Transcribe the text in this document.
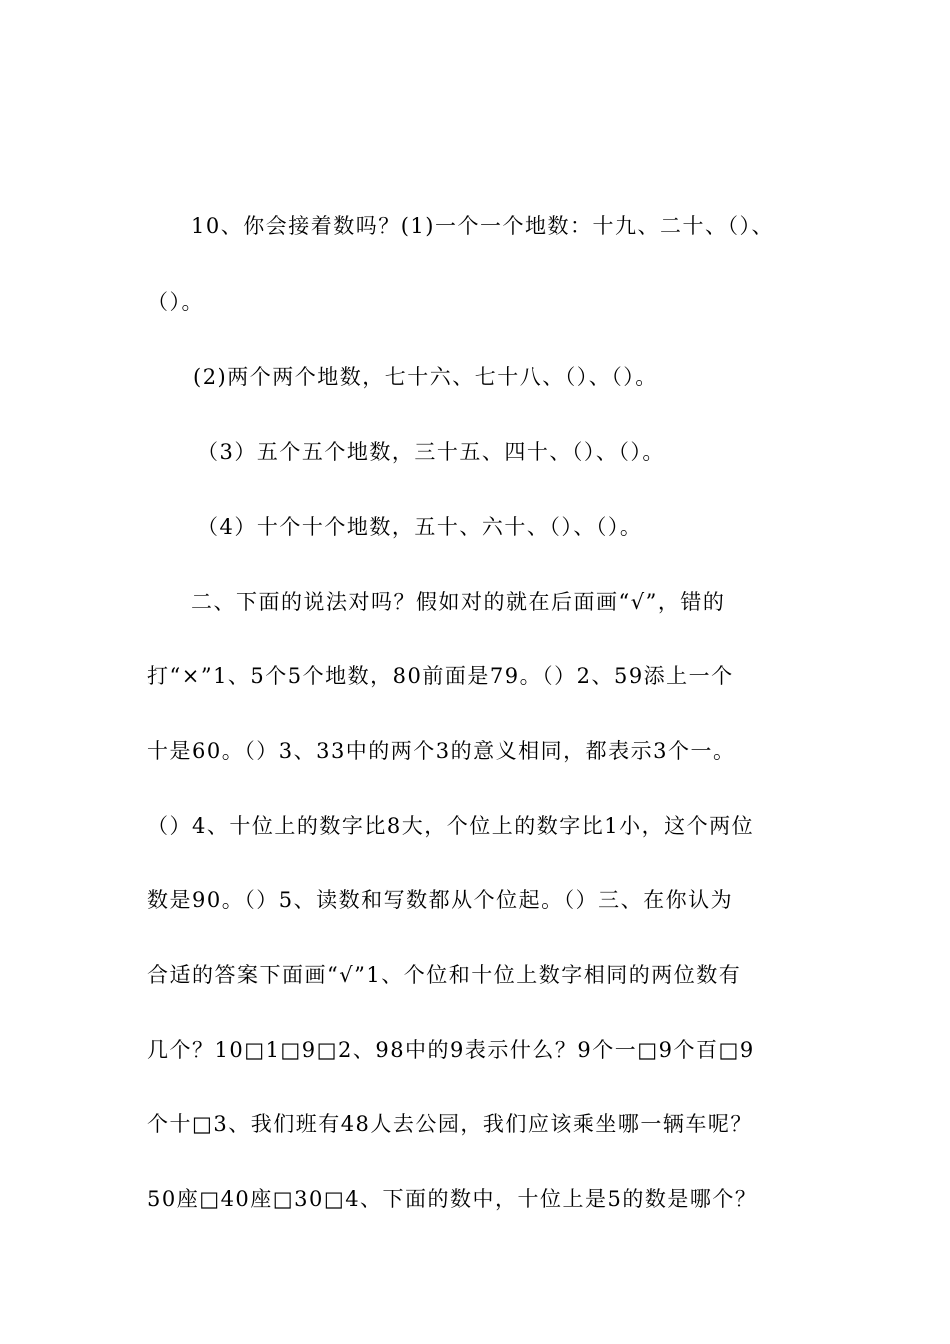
10、你会接着数吗？(1)一个一个地数：十九、二十、（）、
（）。
(2)两个两个地数，七十六、七十八、（）、（）。
（3）五个五个地数，三十五、四十、（）、（）。
（4）十个十个地数，五十、六十、（）、（）。
二、下面的说法对吗？假如对的就在后面画“√”，错的
打“×”1、5个5个地数，80前面是79。（）2、59添上一个
十是60。（）3、33中的两个3的意义相同，都表示3个一。
（）4、十位上的数字比8大，个位上的数字比1小，这个两位
数是90。（）5、读数和写数都从个位起。（）三、在你认为
合适的答案下面画“√”1、个位和十位上数字相同的两位数有
几个？10□1□9□2、98中的9表示什么？9个一□9个百□9
个十□3、我们班有48人去公园，我们应该乘坐哪一辆车呢？
50座□40座□30□4、下面的数中，十位上是5的数是哪个？
